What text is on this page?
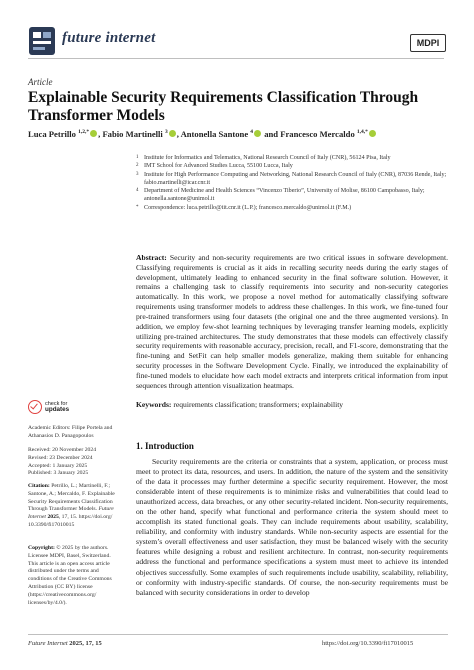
future internet	MDPI
Article
Explainable Security Requirements Classification Through Transformer Models
Luca Petrillo $^{1,2,*}$ , Fabio Martinelli $^3$ , Antonella Santone $^4$ and Francesco Mercaldo $^{1,4,*}$
1 Institute for Informatics and Telematics, National Research Council of Italy (CNR), 56124 Pisa, Italy
2 IMT School for Advanced Studies Lucca, 55100 Lucca, Italy
3 Institute for High Performance Computing and Networking, National Research Council of Italy (CNR), 87036 Rende, Italy; fabio.martinelli@icar.cnr.it
4 Department of Medicine and Health Sciences “Vincenzo Tiberio”, University of Molise, 86100 Campobasso, Italy; antonella.santone@unimol.it
* Correspondence: luca.petrillo@iit.cnr.it (L.P.); francesco.mercaldo@unimol.it (F.M.)
Abstract: Security and non-security requirements are two critical issues in software development. Classifying requirements is crucial as it aids in recalling security needs during the early stages of development, ultimately leading to enhanced security in the final software solution. However, it remains a challenging task to classify requirements into security and non-security categories automatically. In this work, we propose a novel method for automatically classifying software requirements using transformer models to address these challenges. In this work, we fine-tuned four pre-trained transformers using four datasets (the original one and the three augmented versions). In addition, we employ few-shot learning techniques by leveraging transfer learning models, explicitly utilizing pre-trained architectures. The study demonstrates that these models can effectively classify security requirements with reasonable accuracy, precision, recall, and F1-score, demonstrating that the fine-tuning and SetFit can help smaller models generalize, making them suitable for enhancing security processes in the Software Development Cycle. Finally, we introduced the explainability of fine-tuned models to elucidate how each model extracts and interprets critical information from input sequences through attention visualization heatmaps.
Keywords: requirements classification; transformers; explainability
1. Introduction
Security requirements are the criteria or constraints that a system, application, or process must meet to protect its data, resources, and users. In addition, the nature of the system and the sensitivity of the data it processes may further determine a specific security requirement. However, the most considerable intent of these requirements is to minimize risks and vulnerabilities that could lead to unauthorized access, data breaches, or any other security-related incident. Non-security requirements, on the other hand, specify what functional and performance criteria the system should meet to accomplish its stated functional goals. They can include requirements about usability, scalability, reliability, and conformity with industry standards. While non-security aspects are essential for the system’s overall effectiveness and user satisfaction, they must be balanced wisely with the security features while designing a robust and resilient architecture. In contrast, non-security requirements address the functional and performance specifications a system must meet to achieve its intended objectives successfully. Some examples of such requirements include usability, scalability, reliability, or conformity with industry-specific standards. Of course, the non-security requirements must be balanced with security considerations in order to develop
check for
updates
Academic Editors: Filipe Portela and Athanasios D. Panagopoulos
Received: 20 November 2024
Revised: 23 December 2024
Accepted: 1 January 2025
Published: 3 January 2025
Citation: Petrillo, L.; Martinelli, F.; Santone, A.; Mercaldo, F. Explainable Security Requirements Classification Through Transformer Models. Future Internet 2025, 17, 15. https://doi.org/ 10.3390/fi17010015
Copyright: © 2025 by the authors. Licensee MDPI, Basel, Switzerland. This article is an open access article distributed under the terms and conditions of the Creative Commons Attribution (CC BY) license (https://creativecommons.org/ licenses/by/4.0/).
Future Internet 2025, 17, 15	https://doi.org/10.3390/fi17010015
